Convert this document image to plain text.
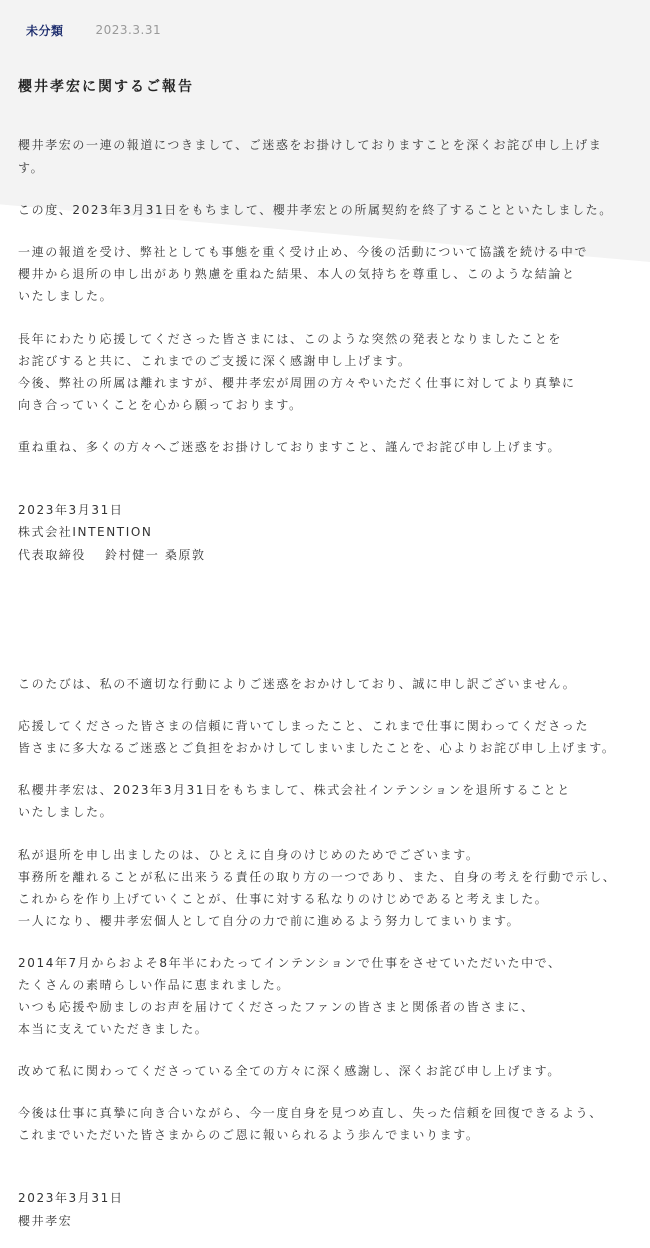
未分類	2023.3.31
櫻井孝宏に関するご報告
櫻井孝宏の一連の報道につきまして、ご迷惑をお掛けしておりますことを深くお詫び申し上げま
す。
この度、2023年3月31日をもちまして、櫻井孝宏との所属契約を終了することといたしました。
一連の報道を受け、弊社としても事態を重く受け止め、今後の活動について協議を続ける中で
櫻井から退所の申し出があり熟慮を重ねた結果、本人の気持ちを尊重し、このような結論と
いたしました。
長年にわたり応援してくださった皆さまには、このような突然の発表となりましたことを
お詫びすると共に、これまでのご支援に深く感謝申し上げます。
今後、弊社の所属は離れますが、櫻井孝宏が周囲の方々やいただく仕事に対してより真摯に
向き合っていくことを心から願っております。
重ね重ね、多くの方々へご迷惑をお掛けしておりますこと、謹んでお詫び申し上げます。
2023年3月31日
株式会社INTENTION
代表取締役　 鈴村健一 桑原敦
このたびは、私の不適切な行動によりご迷惑をおかけしており、誠に申し訳ございません。
応援してくださった皆さまの信頼に背いてしまったこと、これまで仕事に関わってくださった
皆さまに多大なるご迷惑とご負担をおかけしてしまいましたことを、心よりお詫び申し上げます。
私櫻井孝宏は、2023年3月31日をもちまして、株式会社インテンションを退所することと
いたしました。
私が退所を申し出ましたのは、ひとえに自身のけじめのためでございます。
事務所を離れることが私に出来うる責任の取り方の一つであり、また、自身の考えを行動で示し、
これからを作り上げていくことが、仕事に対する私なりのけじめであると考えました。
一人になり、櫻井孝宏個人として自分の力で前に進めるよう努力してまいります。
2014年7月からおよそ8年半にわたってインテンションで仕事をさせていただいた中で、
たくさんの素晴らしい作品に恵まれました。
いつも応援や励ましのお声を届けてくださったファンの皆さまと関係者の皆さまに、
本当に支えていただきました。
改めて私に関わってくださっている全ての方々に深く感謝し、深くお詫び申し上げます。
今後は仕事に真摯に向き合いながら、今一度自身を見つめ直し、失った信頼を回復できるよう、
これまでいただいた皆さまからのご恩に報いられるよう歩んでまいります。
2023年3月31日
櫻井孝宏
